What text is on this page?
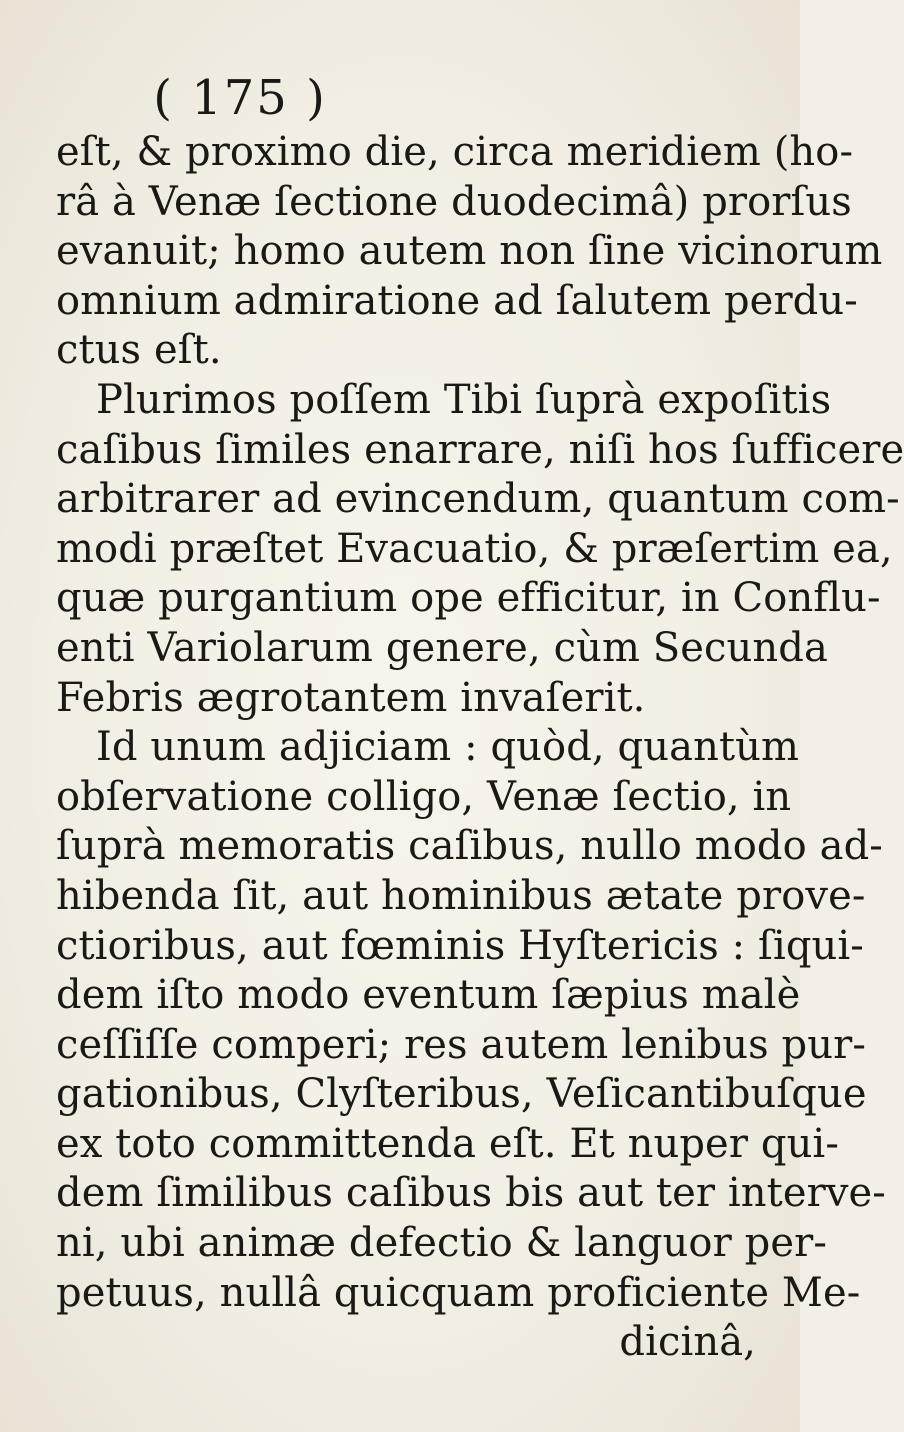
( 175 )
eſt, & proximo die, circa meridiem (ho-
râ à Venæ ſectione duodecimâ) prorſus
evanuit; homo autem non ſine vicinorum
omnium admiratione ad ſalutem perdu-
ctus eſt.
Plurimos poſſem Tibi ſuprà expoſitis
caſibus ſimiles enarrare, niſi hos ſufficere
arbitrarer ad evincendum, quantum com-
modi præſtet Evacuatio, & præſertim ea,
quæ purgantium ope efficitur, in Conflu-
enti Variolarum genere, cùm Secunda
Febris ægrotantem invaſerit.
Id unum adjiciam : quòd, quantùm
obſervatione colligo, Venæ ſectio, in
ſuprà memoratis caſibus, nullo modo ad-
hibenda ſit, aut hominibus ætate prove-
ctioribus, aut fœminis Hyſtericis : ſiqui-
dem iſto modo eventum ſæpius malè
ceſſiſſe comperi; res autem lenibus pur-
gationibus, Clyſteribus, Veſicantibuſque
ex toto committenda eſt. Et nuper qui-
dem ſimilibus caſibus bis aut ter interve-
ni, ubi animæ defectio & languor per-
petuus, nullâ quicquam proficiente Me-
dicinâ,
